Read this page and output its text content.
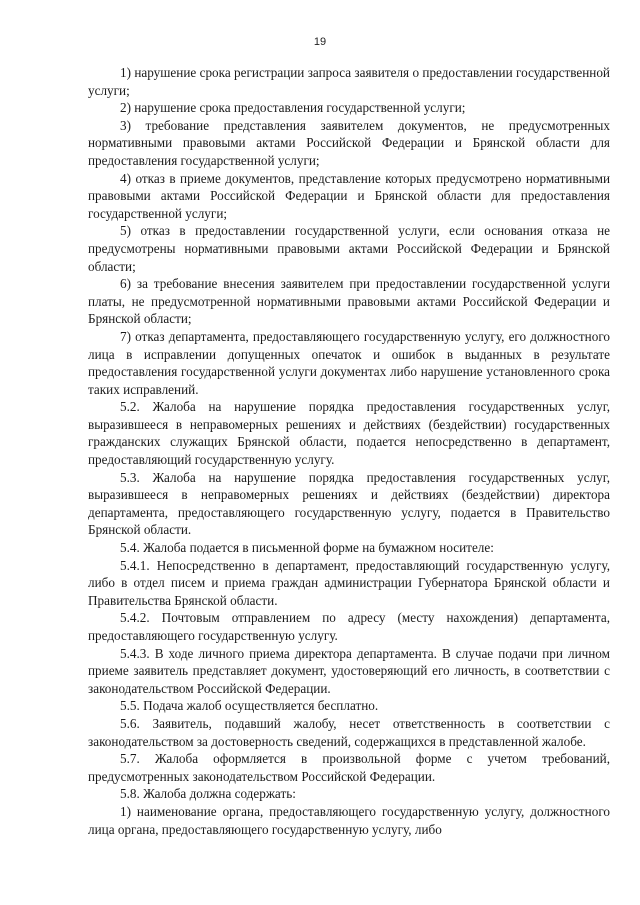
19

1) нарушение срока регистрации запроса заявителя о предоставлении государственной услуги;

2) нарушение срока предоставления государственной услуги;

3) требование представления заявителем документов, не предусмотренных нормативными правовыми актами Российской Федерации и Брянской области для предоставления государственной услуги;

4) отказ в приеме документов, представление которых предусмотрено нормативными правовыми актами Российской Федерации и Брянской области для предоставления государственной услуги;

5) отказ в предоставлении государственной услуги, если основания отказа не предусмотрены нормативными правовыми актами Российской Федерации и Брянской области;

6) за требование внесения заявителем при предоставлении государственной услуги платы, не предусмотренной нормативными правовыми актами Российской Федерации и Брянской области;

7) отказ департамента, предоставляющего государственную услугу, его должностного лица в исправлении допущенных опечаток и ошибок в выданных в результате предоставления государственной услуги документах либо нарушение установленного срока таких исправлений.

5.2. Жалоба на нарушение порядка предоставления государственных услуг, выразившееся в неправомерных решениях и действиях (бездействии) государственных гражданских служащих Брянской области, подается непосредственно в департамент, предоставляющий государственную услугу.

5.3. Жалоба на нарушение порядка предоставления государственных услуг, выразившееся в неправомерных решениях и действиях (бездействии) директора департамента, предоставляющего государственную услугу, подается в Правительство Брянской области.

5.4. Жалоба подается в письменной форме на бумажном носителе:

5.4.1. Непосредственно в департамент, предоставляющий государственную услугу, либо в отдел писем и приема граждан администрации Губернатора Брянской области и Правительства Брянской области.

5.4.2. Почтовым отправлением по адресу (месту нахождения) департамента, предоставляющего государственную услугу.

5.4.3. В ходе личного приема директора департамента. В случае подачи при личном приеме заявитель представляет документ, удостоверяющий его личность, в соответствии с законодательством Российской Федерации.

5.5. Подача жалоб осуществляется бесплатно.

5.6. Заявитель, подавший жалобу, несет ответственность в соответствии с законодательством за достоверность сведений, содержащихся в представленной жалобе.

5.7. Жалоба оформляется в произвольной форме с учетом требований, предусмотренных законодательством Российской Федерации.

5.8. Жалоба должна содержать:

1) наименование органа, предоставляющего государственную услугу, должностного лица органа, предоставляющего государственную услугу, либо
